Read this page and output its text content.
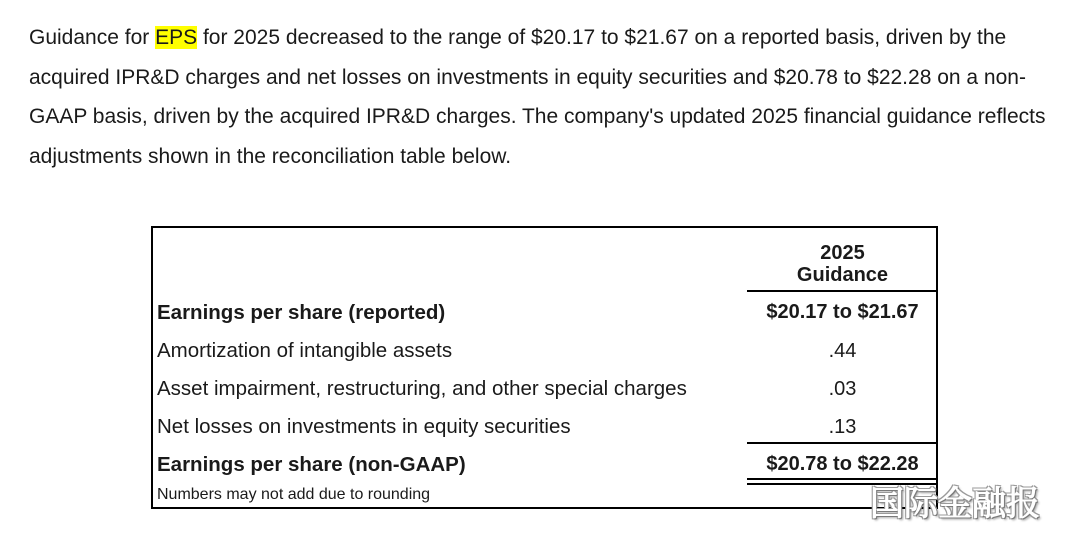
Guidance for EPS for 2025 decreased to the range of $20.17 to $21.67 on a reported basis, driven by the acquired IPR&D charges and net losses on investments in equity securities and $20.78 to $22.28 on a non-GAAP basis, driven by the acquired IPR&D charges. The company's updated 2025 financial guidance reflects adjustments shown in the reconciliation table below.

2025
Guidance
Earnings per share (reported)	$20.17 to $21.67
Amortization of intangible assets	.44
Asset impairment, restructuring, and other special charges	.03
Net losses on investments in equity securities	.13
Earnings per share (non-GAAP)	$20.78 to $22.28
Numbers may not add due to rounding	国际金融报
